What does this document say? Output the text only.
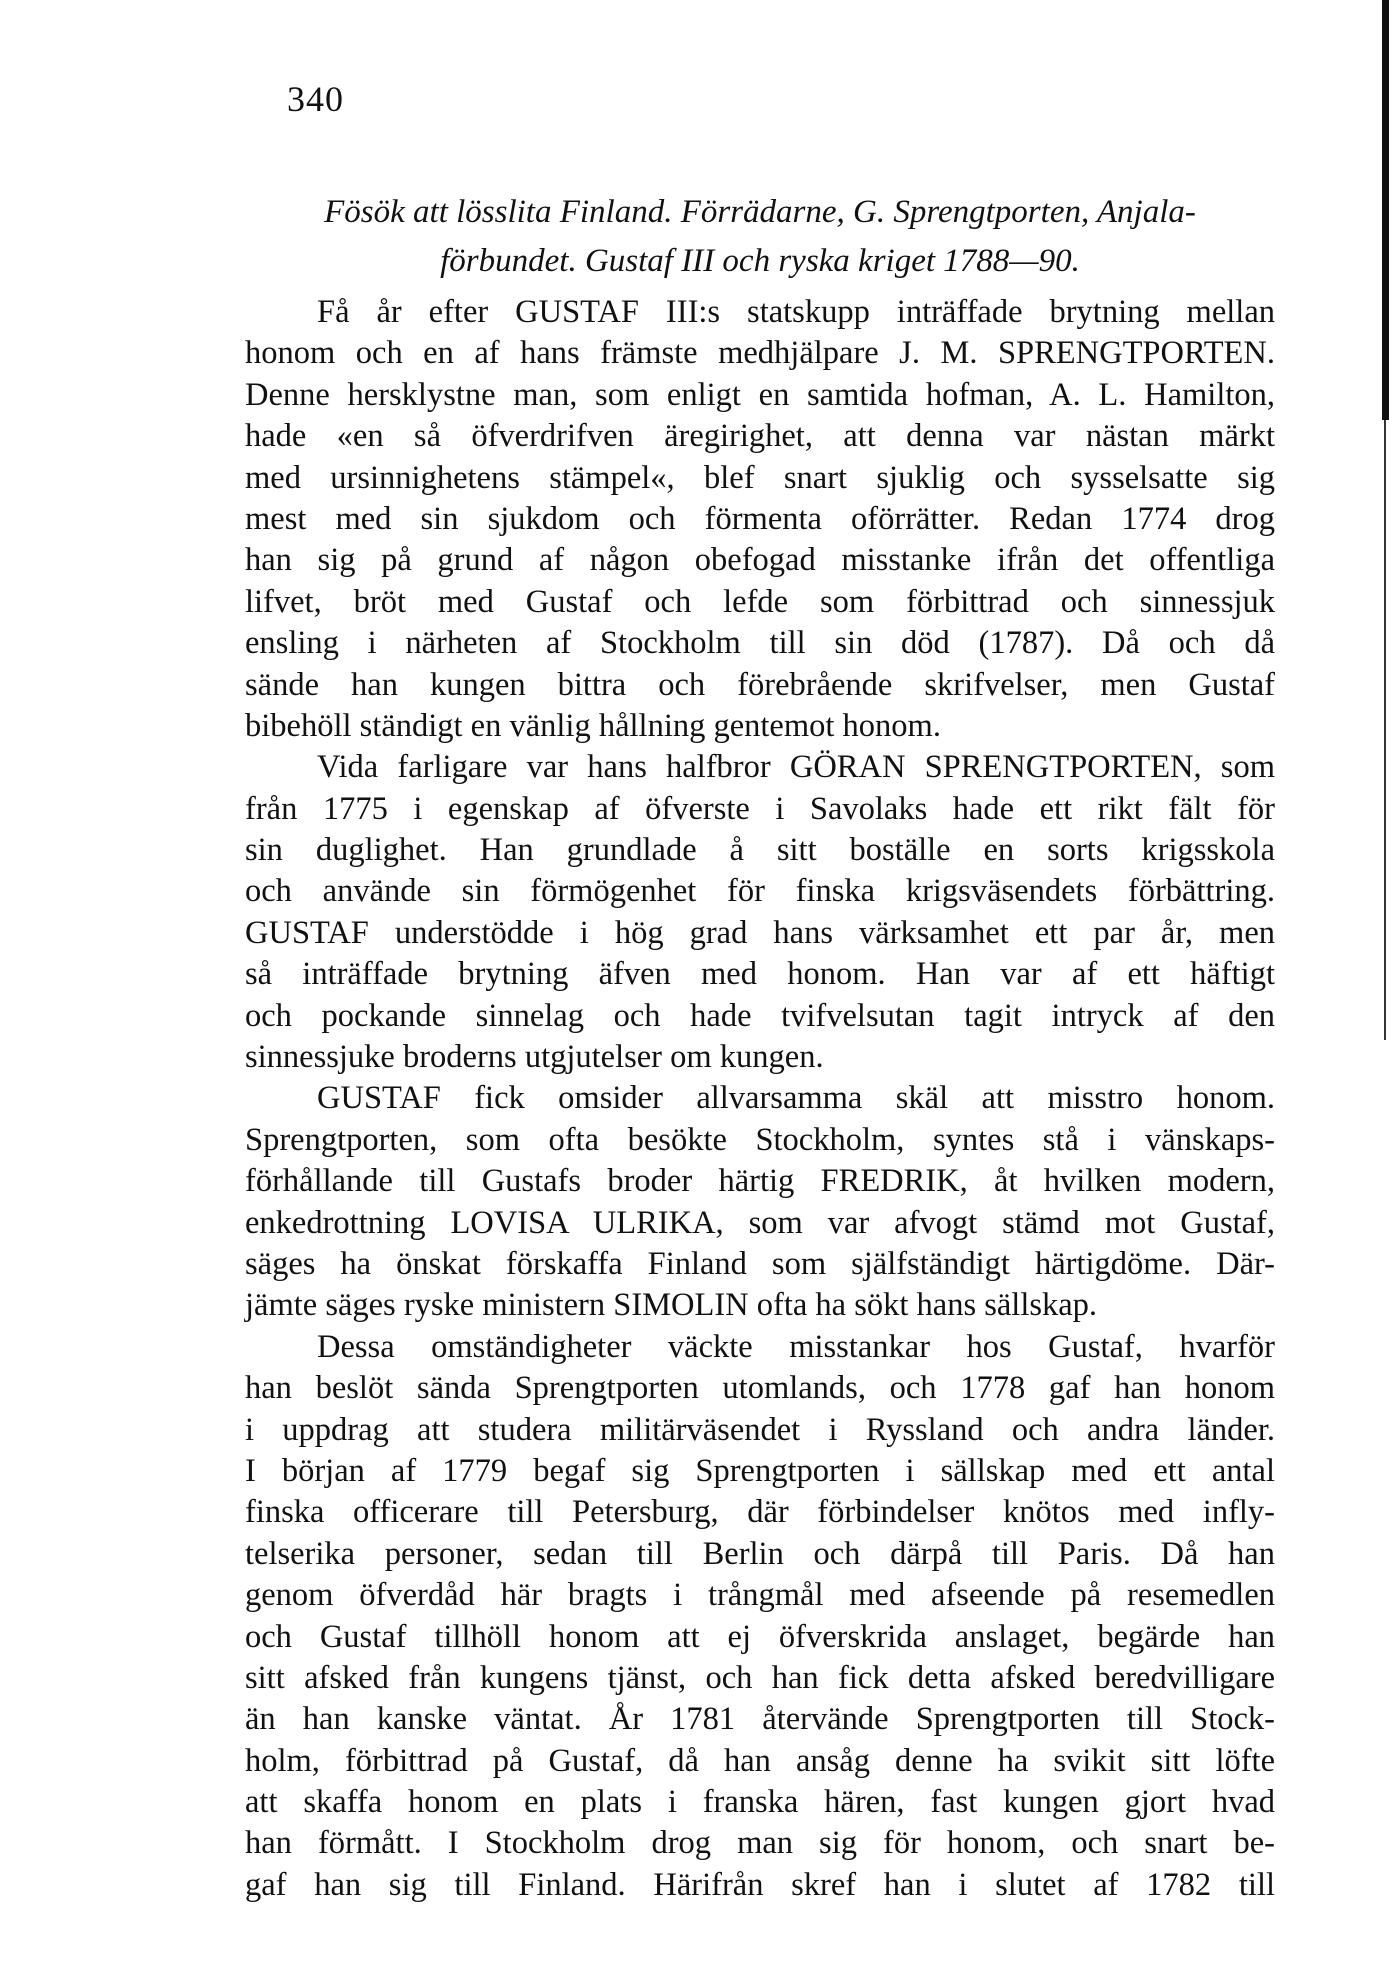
340
Fösök att lösslita Finland. Förrädarne, G. Sprengtporten, Anjala-
förbundet. Gustaf III och ryska kriget 1788—90.
Få år efter GUSTAF III:s statskupp inträffade brytning mellan
honom och en af hans främste medhjälpare J. M. SPRENGTPORTEN.
Denne hersklystne man, som enligt en samtida hofman, A. L. Hamilton,
hade «en så öfverdrifven äregirighet, att denna var nästan märkt
med ursinnighetens stämpel«, blef snart sjuklig och sysselsatte sig
mest med sin sjukdom och förmenta oförrätter. Redan 1774 drog
han sig på grund af någon obefogad misstanke ifrån det offentliga
lifvet, bröt med Gustaf och lefde som förbittrad och sinnessjuk
ensling i närheten af Stockholm till sin död (1787). Då och då
sände han kungen bittra och förebrående skrifvelser, men Gustaf
bibehöll ständigt en vänlig hållning gentemot honom.
Vida farligare var hans halfbror GÖRAN SPRENGTPORTEN, som
från 1775 i egenskap af öfverste i Savolaks hade ett rikt fält för
sin duglighet. Han grundlade å sitt boställe en sorts krigsskola
och använde sin förmögenhet för finska krigsväsendets förbättring.
GUSTAF understödde i hög grad hans värksamhet ett par år, men
så inträffade brytning äfven med honom. Han var af ett häftigt
och pockande sinnelag och hade tvifvelsutan tagit intryck af den
sinnessjuke broderns utgjutelser om kungen.
GUSTAF fick omsider allvarsamma skäl att misstro honom.
Sprengtporten, som ofta besökte Stockholm, syntes stå i vänskaps-
förhållande till Gustafs broder härtig FREDRIK, åt hvilken modern,
enkedrottning LOVISA ULRIKA, som var afvogt stämd mot Gustaf,
säges ha önskat förskaffa Finland som själfständigt härtigdöme. Där-
jämte säges ryske ministern SIMOLIN ofta ha sökt hans sällskap.
Dessa omständigheter väckte misstankar hos Gustaf, hvarför
han beslöt sända Sprengtporten utomlands, och 1778 gaf han honom
i uppdrag att studera militärväsendet i Ryssland och andra länder.
I början af 1779 begaf sig Sprengtporten i sällskap med ett antal
finska officerare till Petersburg, där förbindelser knötos med infly-
telserika personer, sedan till Berlin och därpå till Paris. Då han
genom öfverdåd här bragts i trångmål med afseende på resemedlen
och Gustaf tillhöll honom att ej öfverskrida anslaget, begärde han
sitt afsked från kungens tjänst, och han fick detta afsked beredvilligare
än han kanske väntat. År 1781 återvände Sprengtporten till Stock-
holm, förbittrad på Gustaf, då han ansåg denne ha svikit sitt löfte
att skaffa honom en plats i franska hären, fast kungen gjort hvad
han förmått. I Stockholm drog man sig för honom, och snart be-
gaf han sig till Finland. Härifrån skref han i slutet af 1782 till
